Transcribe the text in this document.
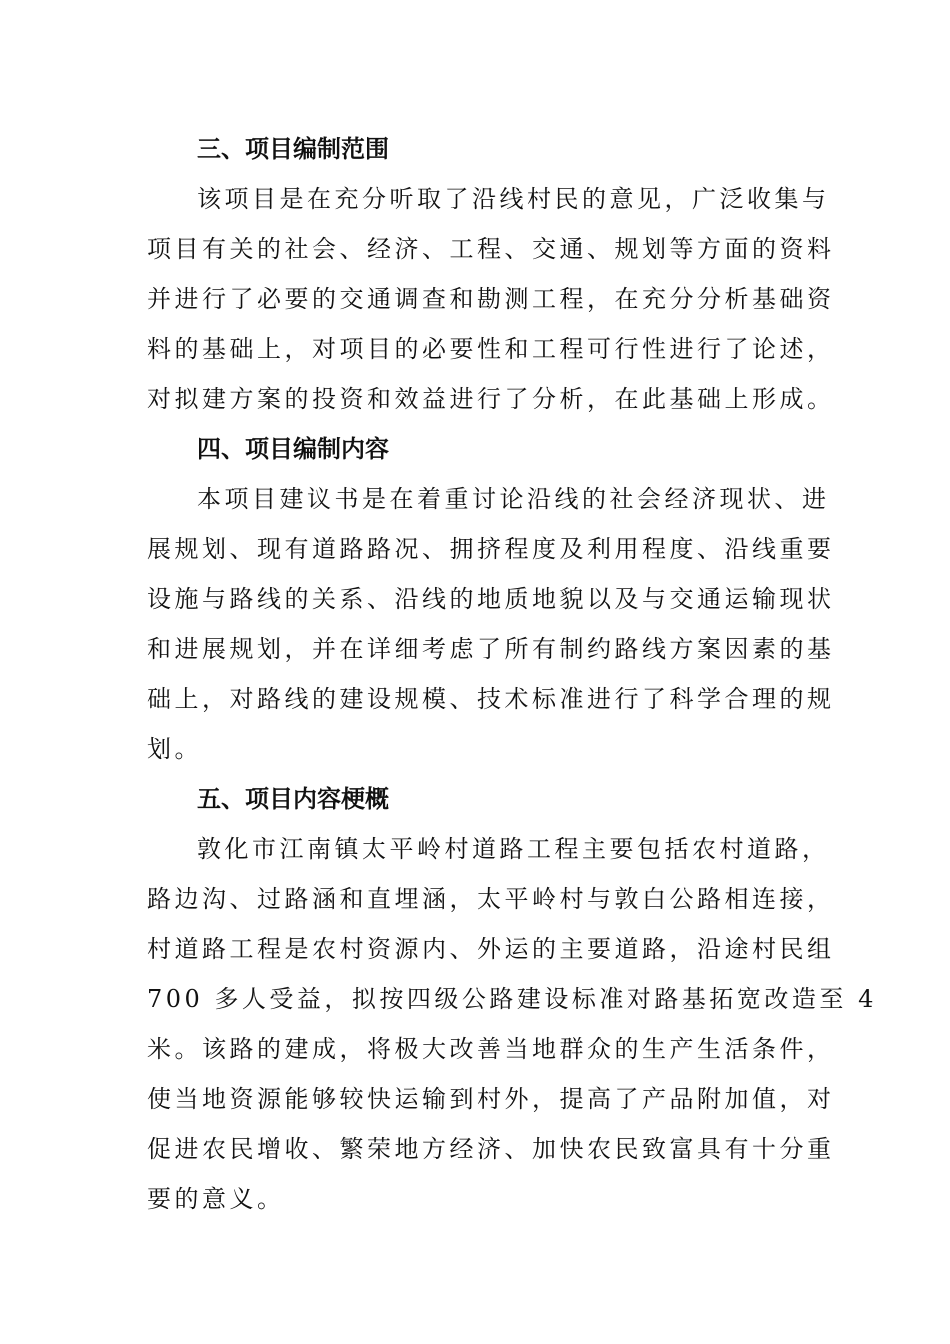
三、项目编制范围

该项目是在充分听取了沿线村民的意见，广泛收集与
项目有关的社会、经济、工程、交通、规划等方面的资料
并进行了必要的交通调查和勘测工程，在充分分析基础资
料的基础上，对项目的必要性和工程可行性进行了论述，
对拟建方案的投资和效益进行了分析，在此基础上形成。

四、项目编制内容

本项目建议书是在着重讨论沿线的社会经济现状、进
展规划、现有道路路况、拥挤程度及利用程度、沿线重要
设施与路线的关系、沿线的地质地貌以及与交通运输现状
和进展规划，并在详细考虑了所有制约路线方案因素的基
础上，对路线的建设规模、技术标准进行了科学合理的规
划。

五、项目内容梗概

敦化市江南镇太平岭村道路工程主要包括农村道路，
路边沟、过路涵和直埋涵，太平岭村与敦白公路相连接，
村道路工程是农村资源内、外运的主要道路，沿途村民组
700 多人受益，拟按四级公路建设标准对路基拓宽改造至 4
米。该路的建成，将极大改善当地群众的生产生活条件，
使当地资源能够较快运输到村外，提高了产品附加值，对
促进农民增收、繁荣地方经济、加快农民致富具有十分重
要的意义。
